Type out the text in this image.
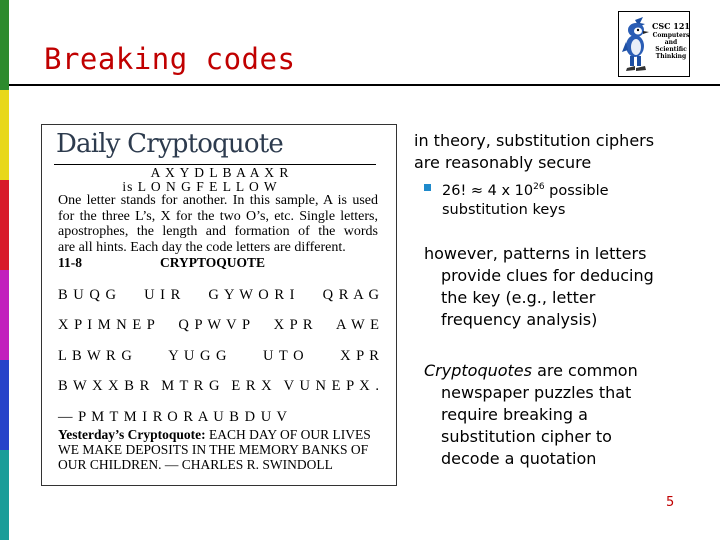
Breaking codes
CSC 121
Computers
and
Scientific
Thinking
Daily Cryptoquote
A X Y D L B A A X R
is L O N G F E L L O W
One letter stands for another. In this sample, A is used
for the three L’s, X for the two O’s, etc. Single letters,
apostrophes, the length and formation of the words
are all hints. Each day the code letters are different.
11-8	CRYPTOQUOTE
B U Q G U I R G Y W O R I Q R A G
X P I M N E P Q P W V P X P R A W E
L B W R G Y U G G U T O X P R
B W X X B R M T R G E R X V U N E P X .
— P M T M I R O R A U B D U V
Yesterday’s Cryptoquote: EACH DAY OF OUR LIVES
WE MAKE DEPOSITS IN THE MEMORY BANKS OF
OUR CHILDREN. — CHARLES R. SWINDOLL
in theory, substitution ciphers
are reasonably secure
26! ≈ 4 x $10^{26}$ possible
substitution keys
however, patterns in letters
provide clues for deducing
the key (e.g., letter
frequency analysis)
Cryptoquotes are common
newspaper puzzles that
require breaking a
substitution cipher to
decode a quotation
5
